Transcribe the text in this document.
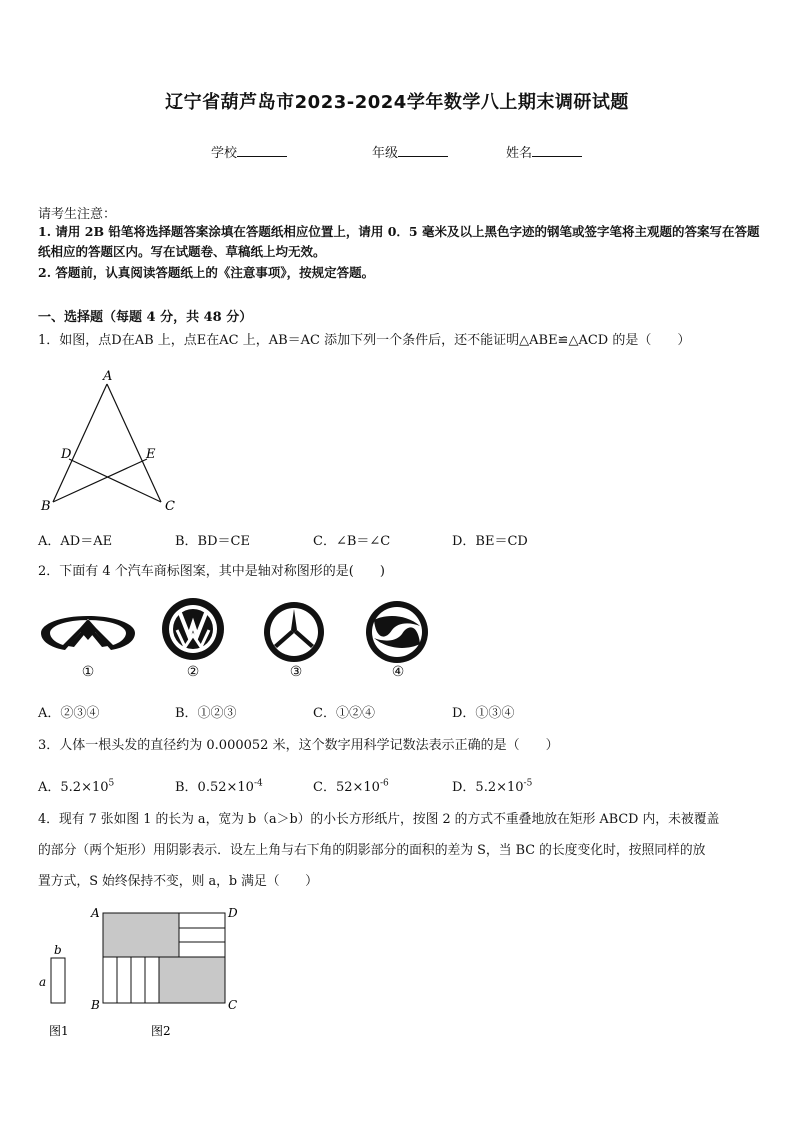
辽宁省葫芦岛市2023-2024学年数学八上期末调研试题
学校	年级	姓名
请考生注意：
1. 请用 2B 铅笔将选择题答案涂填在答题纸相应位置上，请用 0．5 毫米及以上黑色字迹的钢笔或签字笔将主观题的答案写在答题纸相应的答题区内。写在试题卷、草稿纸上均无效。
2. 答题前，认真阅读答题纸上的《注意事项》，按规定答题。
一、选择题（每题 4 分，共 48 分）
1．如图，点D在AB 上，点E在AC 上，AB＝AC 添加下列一个条件后，还不能证明△ABE≌△ACD 的是（　　）
A
B	C
D	E
A．AD＝AE	B．BD＝CE	C．∠B＝∠C	D．BE＝CD
2．下面有 4 个汽车商标图案，其中是轴对称图形的是(　　)
①	②	③	④
A．②③④	B．①②③	C．①②④	D．①③④
3．人体一根头发的直径约为 0.000052 米，这个数字用科学记数法表示正确的是（　　）
A．$5.2\times 10^5$	B．$0.52\times 10^{-4}$	C．$52\times 10^{-6}$	D．$5.2\times 10^{-5}$
4．现有 7 张如图 1 的长为 a，宽为 b（a＞b）的小长方形纸片，按图 2 的方式不重叠地放在矩形 ABCD 内，未被覆盖
的部分（两个矩形）用阴影表示．设左上角与右下角的阴影部分的面积的差为 S，当 BC 的长度变化时，按照同样的放
置方式，S 始终保持不变，则 a，b 满足（　　）
b
a
图1
A	D
B	C
图2
